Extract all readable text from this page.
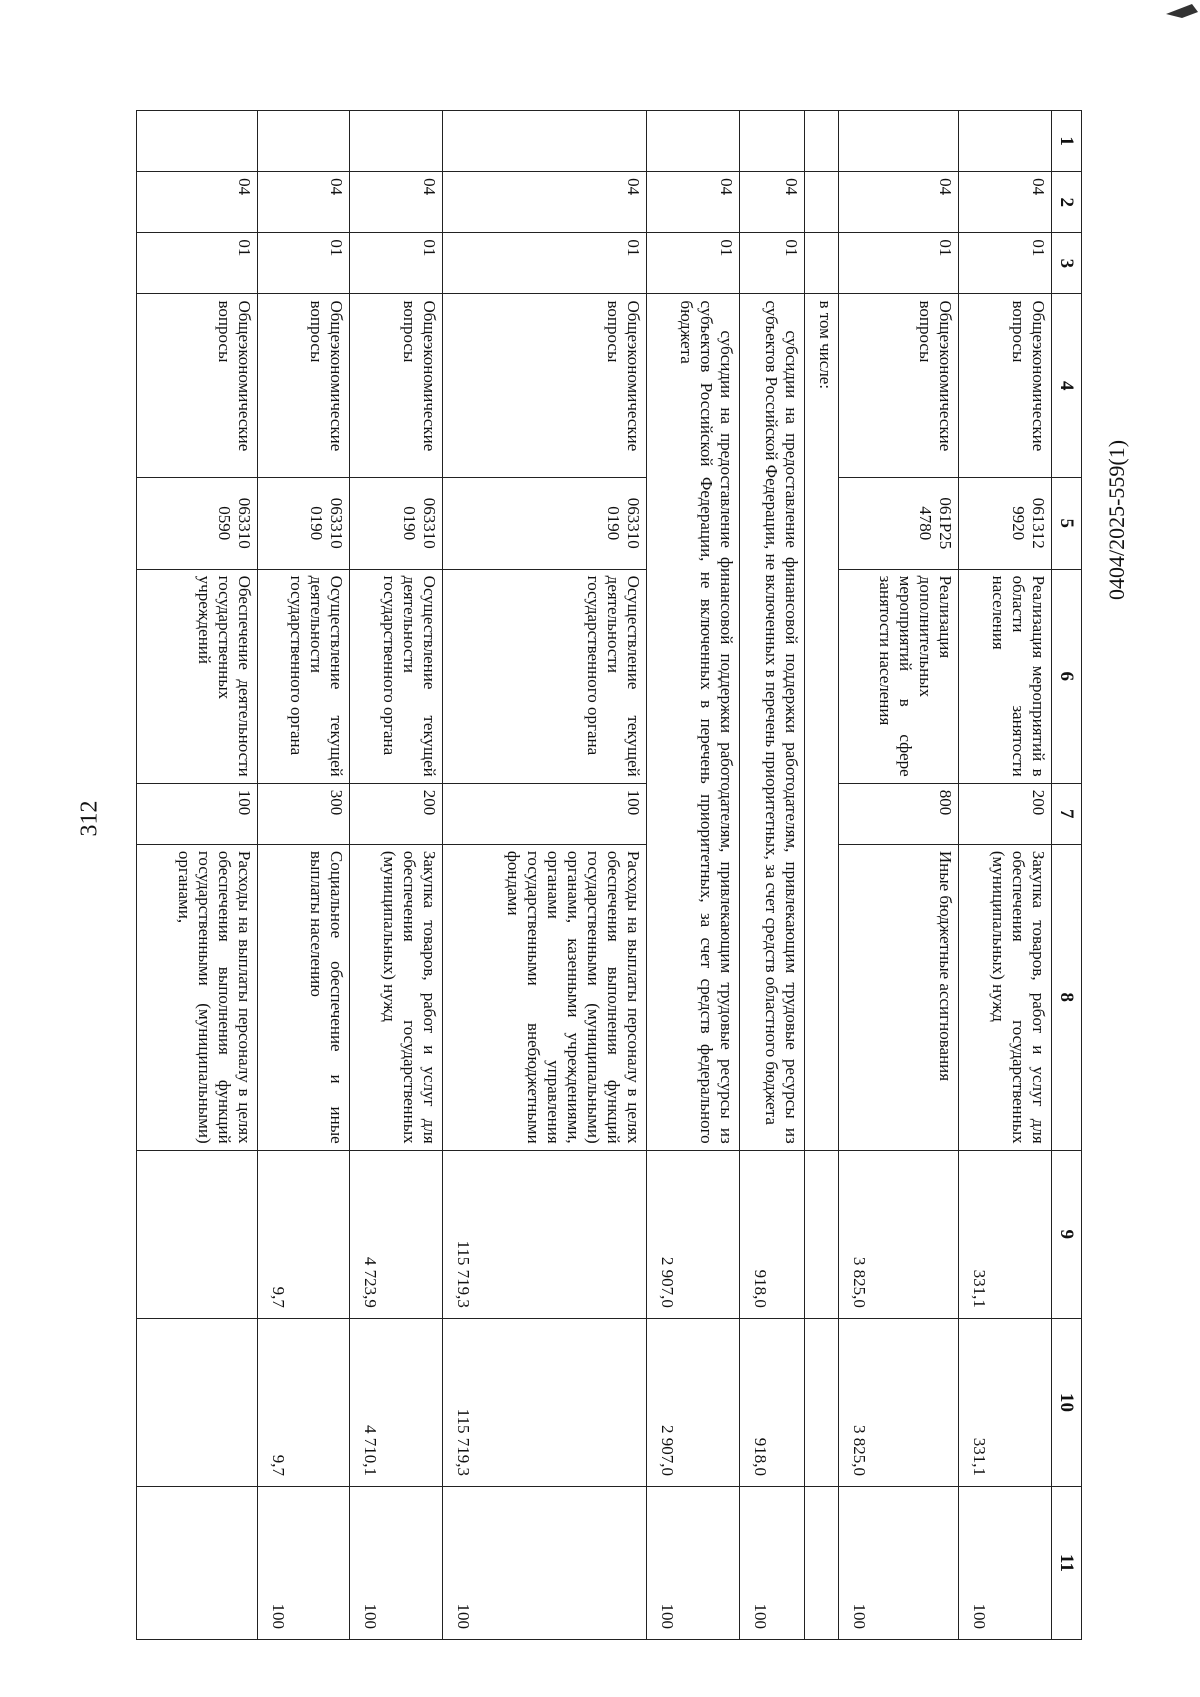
312
0404/2025-559(1)
1	2	3	4	5	6	7	8	9	10	11
	04	01	Общеэкономические вопросы	061312 9920	Реализация мероприятий в области занятости населения	200	Закупка товаров, работ и услуг для обеспечения государственных (муниципальных) нужд	331,1	331,1	100
	04	01	Общеэкономические вопросы	061Р25 4780	Реализация дополнительных мероприятий в сфере занятости населения	800	Иные бюджетные ассигнования	3 825,0	3 825,0	100
			в том числе:							
	04	01	субсидии на предоставление финансовой поддержки работодателям, привлекающим трудовые ресурсы из субъектов Российской Федерации, не включенных в перечень приоритетных, за счет средств областного бюджета					918,0	918,0	100
	04	01	субсидии на предоставление финансовой поддержки работодателям, привлекающим трудовые ресурсы из субъектов Российской Федерации, не включенных в перечень приоритетных, за счет средств федерального бюджета					2 907,0	2 907,0	100
	04	01	Общеэкономические вопросы	063310 0190	Осуществление текущей деятельности государственного органа	100	Расходы на выплаты персоналу в целях обеспечения выполнения функций государственными (муниципальными) органами, казенными учреждениями, органами управления государственными внебюджетными фондами	115 719,3	115 719,3	100
	04	01	Общеэкономические вопросы	063310 0190	Осуществление текущей деятельности государственного органа	200	Закупка товаров, работ и услуг для обеспечения государственных (муниципальных) нужд	4 723,9	4 710,1	100
	04	01	Общеэкономические вопросы	063310 0190	Осуществление текущей деятельности государственного органа	300	Социальное обеспечение и иные выплаты населению	9,7	9,7	100
	04	01	Общеэкономические вопросы	063310 0590	Обеспечение деятельности государственных учреждений	100	Расходы на выплаты персоналу в целях обеспечения выполнения функций государственными (муниципальными) органами,			
